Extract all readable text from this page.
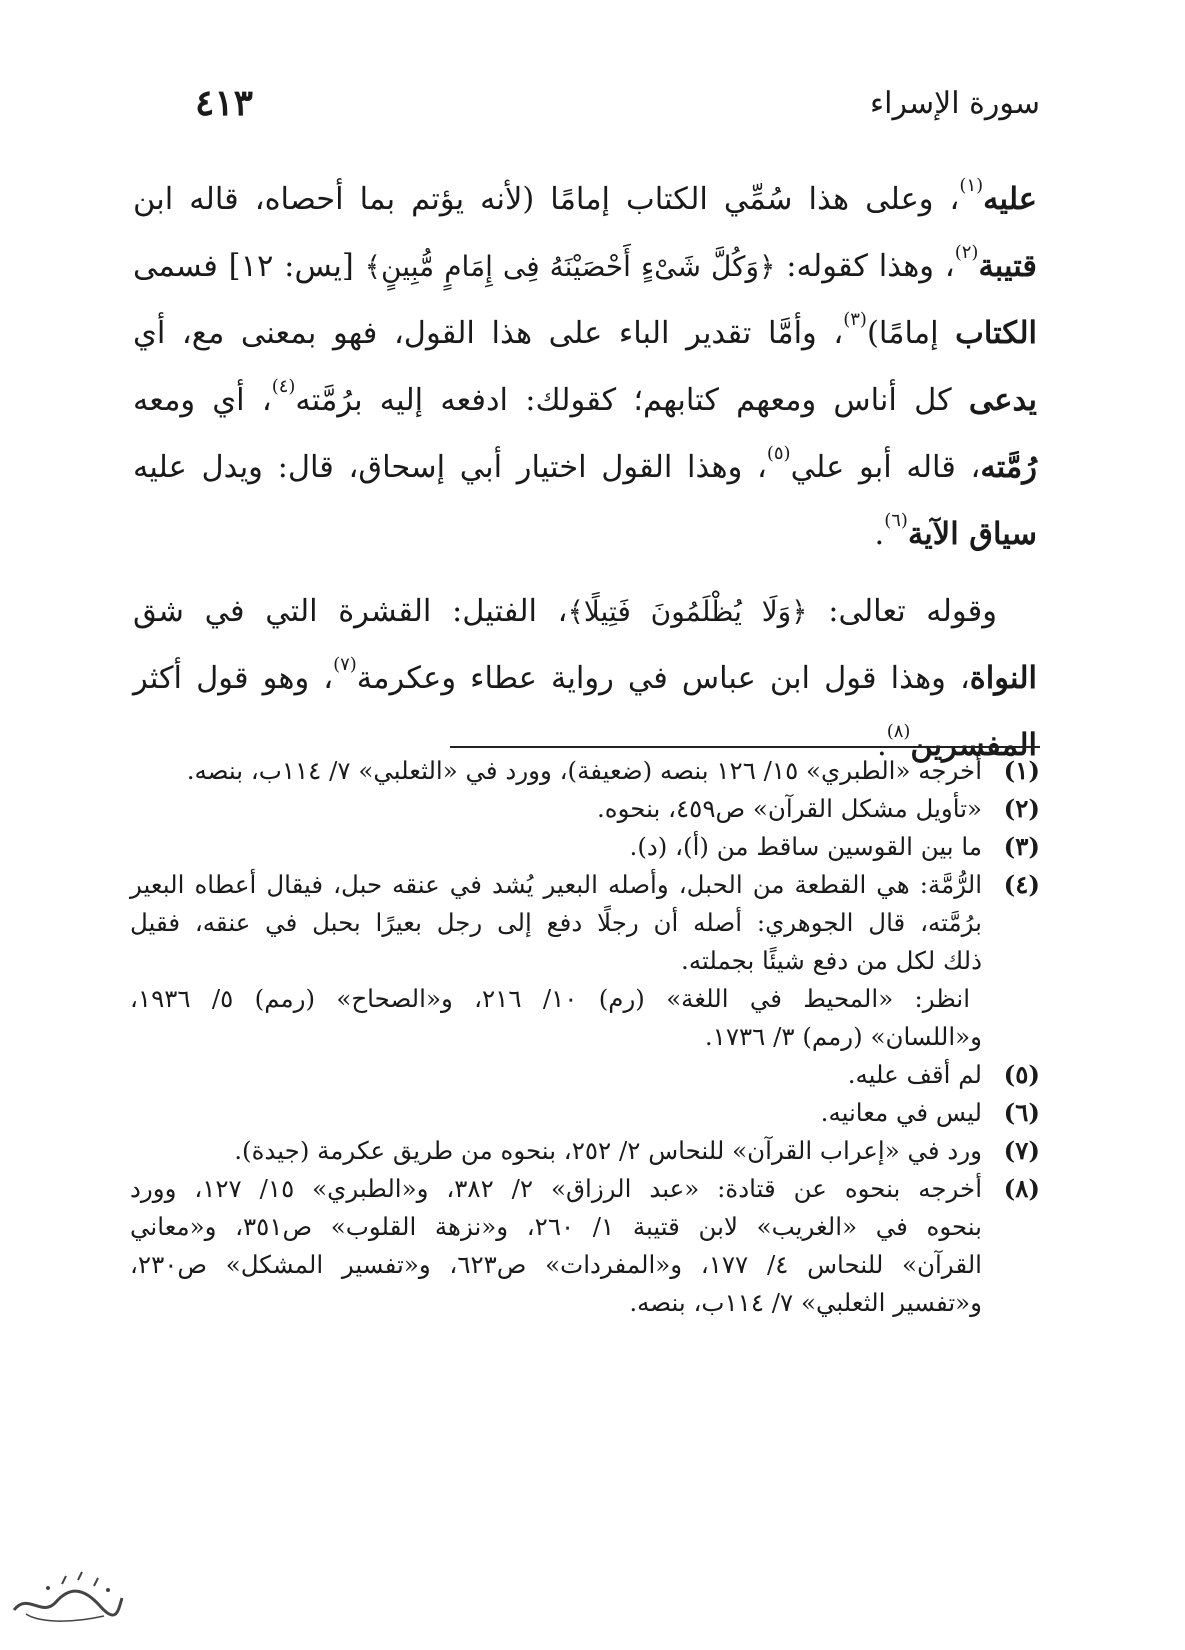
سورة الإسراء
٤١٣
عليه$^{(١)}$، وعلى هذا سُمِّي الكتاب إمامًا (لأنه يؤتم بما أحصاه، قاله ابن
قتيبة$^{(٢)}$، وهذا كقوله: ﴿وَكُلَّ شَىْءٍ أَحْصَيْنَهُ فِى إِمَامٍ مُّبِينٍ﴾ [يس: ١٢] فسمى
الكتاب إمامًا)$^{(٣)}$، وأمَّا تقدير الباء على هذا القول، فهو بمعنى مع، أي
يدعى كل أناس ومعهم كتابهم؛ كقولك: ادفعه إليه برُمَّته$^{(٤)}$، أي ومعه
رُمَّته، قاله أبو علي$^{(٥)}$، وهذا القول اختيار أبي إسحاق، قال: ويدل عليه
سياق الآية$^{(٦)}$.
وقوله تعالى: ﴿وَلَا يُظْلَمُونَ فَتِيلًا﴾، الفتيل: القشرة التي في شق
النواة، وهذا قول ابن عباس في رواية عطاء وعكرمة$^{(٧)}$، وهو قول أكثر
المفسرين$^{(٨)}$.
(١)
أخرجه «الطبري» ١٥/ ١٢٦ بنصه (ضعيفة)، وورد في «الثعلبي» ٧/ ١١٤ب، بنصه.
(٢)
«تأويل مشكل القرآن» ص٤٥٩، بنحوه.
(٣)
ما بين القوسين ساقط من (أ)، (د).
(٤)
الرُّمَّة: هي القطعة من الحبل، وأصله البعير يُشد في عنقه حبل، فيقال أعطاه البعير
برُمَّته، قال الجوهري: أصله أن رجلًا دفع إلى رجل بعيرًا بحبل في عنقه، فقيل
ذلك لكل من دفع شيئًا بجملته.
انظر: «المحيط في اللغة» (رم) ١٠/ ٢١٦، و«الصحاح» (رمم) ٥/ ١٩٣٦،
و«اللسان» (رمم) ٣/ ١٧٣٦.
(٥)
لم أقف عليه.
(٦)
ليس في معانيه.
(٧)
ورد في «إعراب القرآن» للنحاس ٢/ ٢٥٢، بنحوه من طريق عكرمة (جيدة).
(٨)
أخرجه بنحوه عن قتادة: «عبد الرزاق» ٢/ ٣٨٢، و«الطبري» ١٥/ ١٢٧، وورد
بنحوه في «الغريب» لابن قتيبة ١/ ٢٦٠، و«نزهة القلوب» ص٣٥١، و«معاني
القرآن» للنحاس ٤/ ١٧٧، و«المفردات» ص٦٢٣، و«تفسير المشكل» ص٢٣٠،
و«تفسير الثعلبي» ٧/ ١١٤ب، بنصه.
